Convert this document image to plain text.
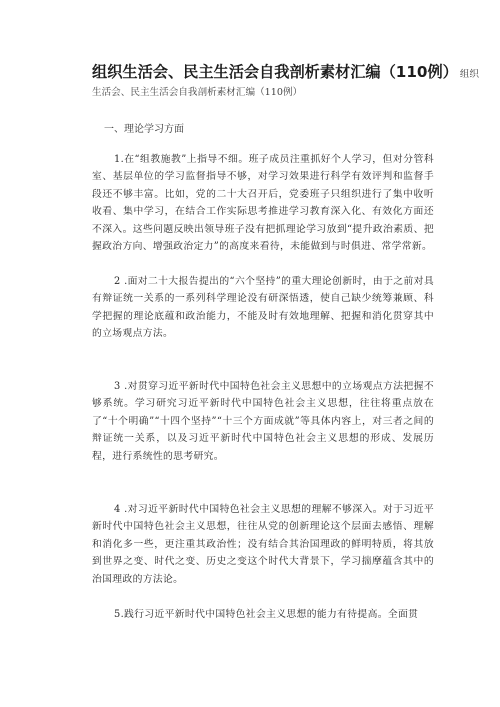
组织生活会、民主生活会自我剖析素材汇编（110例） 组织
生活会、民主生活会自我剖析素材汇编（110例）
一、理论学习方面

1.在“组教施教”上指导不细。班子成员注重抓好个人学习，但对分管科室、基层单位的学习监督指导不够，对学习效果进行科学有效评判和监督手段还不够丰富。比如，党的二十大召开后，党委班子只组织进行了集中收听收看、集中学习，在结合工作实际思考推进学习教育深入化、有效化方面还不深入。这些问题反映出领导班子没有把抓理论学习放到“提升政治素质、把握政治方向、增强政治定力”的高度来看待，未能做到与时俱进、常学常新。

2 .面对二十大报告提出的“六个坚持”的重大理论创新时，由于之前对具有辩证统一关系的一系列科学理论没有研深悟透，使自己缺少统筹兼顾、科学把握的理论底蕴和政治能力，不能及时有效地理解、把握和消化贯穿其中的立场观点方法。

3 .对贯穿习近平新时代中国特色社会主义思想中的立场观点方法把握不够系统。学习研究习近平新时代中国特色社会主义思想，往往将重点放在了“十个明确”“十四个坚持”“十三个方面成就”等具体内容上，对三者之间的辩证统一关系，以及习近平新时代中国特色社会主义思想的形成、发展历程，进行系统性的思考研究。

4 .对习近平新时代中国特色社会主义思想的理解不够深入。对于习近平新时代中国特色社会主义思想，往往从党的创新理论这个层面去感悟、理解和消化多一些，更注重其政治性；没有结合其治国理政的鲜明特质，将其放到世界之变、时代之变、历史之变这个时代大背景下，学习揣摩蕴含其中的治国理政的方法论。

5.践行习近平新时代中国特色社会主义思想的能力有待提高。全面贯
